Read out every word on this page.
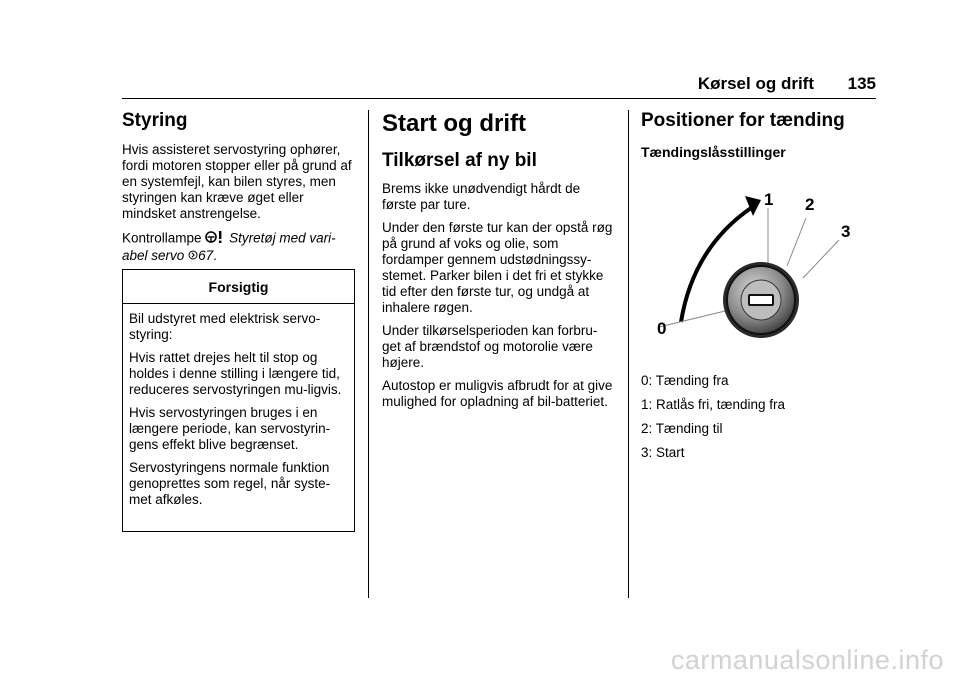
Kørsel og drift 135
Styring

Hvis assisteret servostyring ophører, fordi motoren stopper eller på grund af en systemfejl, kan bilen styres, men styringen kan kræve øget eller mindsket anstrengelse.

Kontrollampe Styretøj med vari-
abel servo 67.

Forsigtig

Bil udstyret med elektrisk servo-styring:

Hvis rattet drejes helt til stop og holdes i denne stilling i længere tid, reduceres servostyringen mu-ligvis.

Hvis servostyringen bruges i en længere periode, kan servostyrin-gens effekt blive begrænset.

Servostyringens normale funktion genoprettes som regel, når syste-met afkøles.

Start og drift
Tilkørsel af ny bil

Brems ikke unødvendigt hårdt de første par ture.

Under den første tur kan der opstå røg på grund af voks og olie, som fordamper gennem udstødningssy-stemet. Parker bilen i det fri et stykke tid efter den første tur, og undgå at inhalere røgen.

Under tilkørselsperioden kan forbru-get af brændstof og motorolie være højere.

Autostop er muligvis afbrudt for at give mulighed for opladning af bil-batteriet.

Positioner for tænding
Tændingslåsstillinger
0
1 2
3
0: Tænding fra
1: Ratlås fri, tænding fra
2: Tænding til
3: Start
carmanualsonline.info
